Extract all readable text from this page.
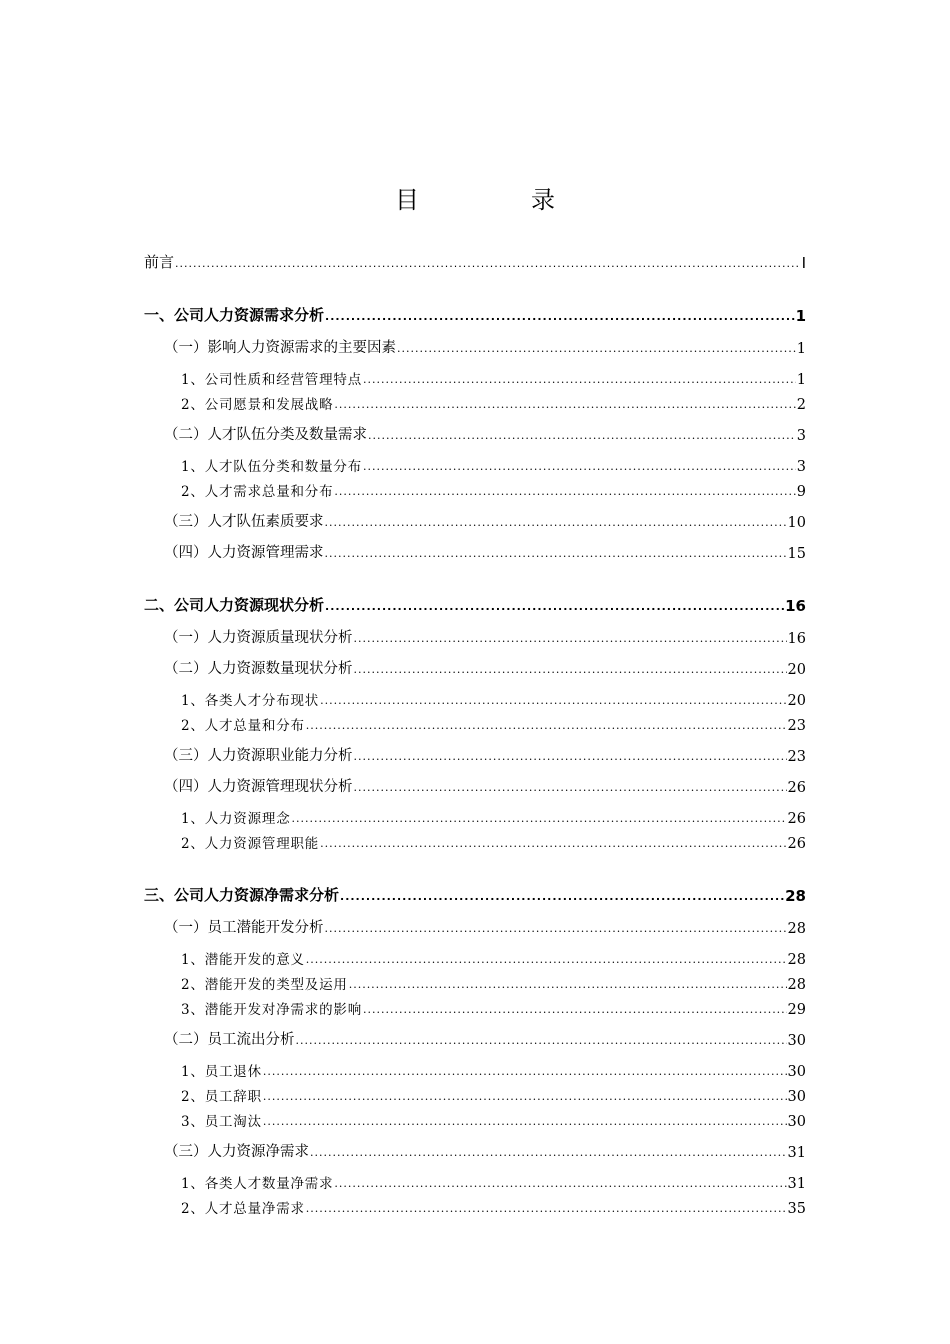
目　录
前言 .....	I
一、公司人力资源需求分析 .....	1
（一）影响人力资源需求的主要因素 .....	1
1、公司性质和经营管理特点 .....	1
2、公司愿景和发展战略 .....	2
（二）人才队伍分类及数量需求 .....	3
1、人才队伍分类和数量分布 .....	3
2、人才需求总量和分布 .....	9
（三）人才队伍素质要求 .....	10
（四）人力资源管理需求 .....	15
二、公司人力资源现状分析 .....	16
（一）人力资源质量现状分析 .....	16
（二）人力资源数量现状分析 .....	20
1、各类人才分布现状 .....	20
2、人才总量和分布 .....	23
（三）人力资源职业能力分析 .....	23
（四）人力资源管理现状分析 .....	26
1、人力资源理念 .....	26
2、人力资源管理职能 .....	26
三、公司人力资源净需求分析 .....	28
（一）员工潜能开发分析 .....	28
1、潜能开发的意义 .....	28
2、潜能开发的类型及运用 .....	28
3、潜能开发对净需求的影响 .....	29
（二）员工流出分析 .....	30
1、员工退休 .....	30
2、员工辞职 .....	30
3、员工淘汰 .....	30
（三）人力资源净需求 .....	31
1、各类人才数量净需求 .....	31
2、人才总量净需求 .....	35
